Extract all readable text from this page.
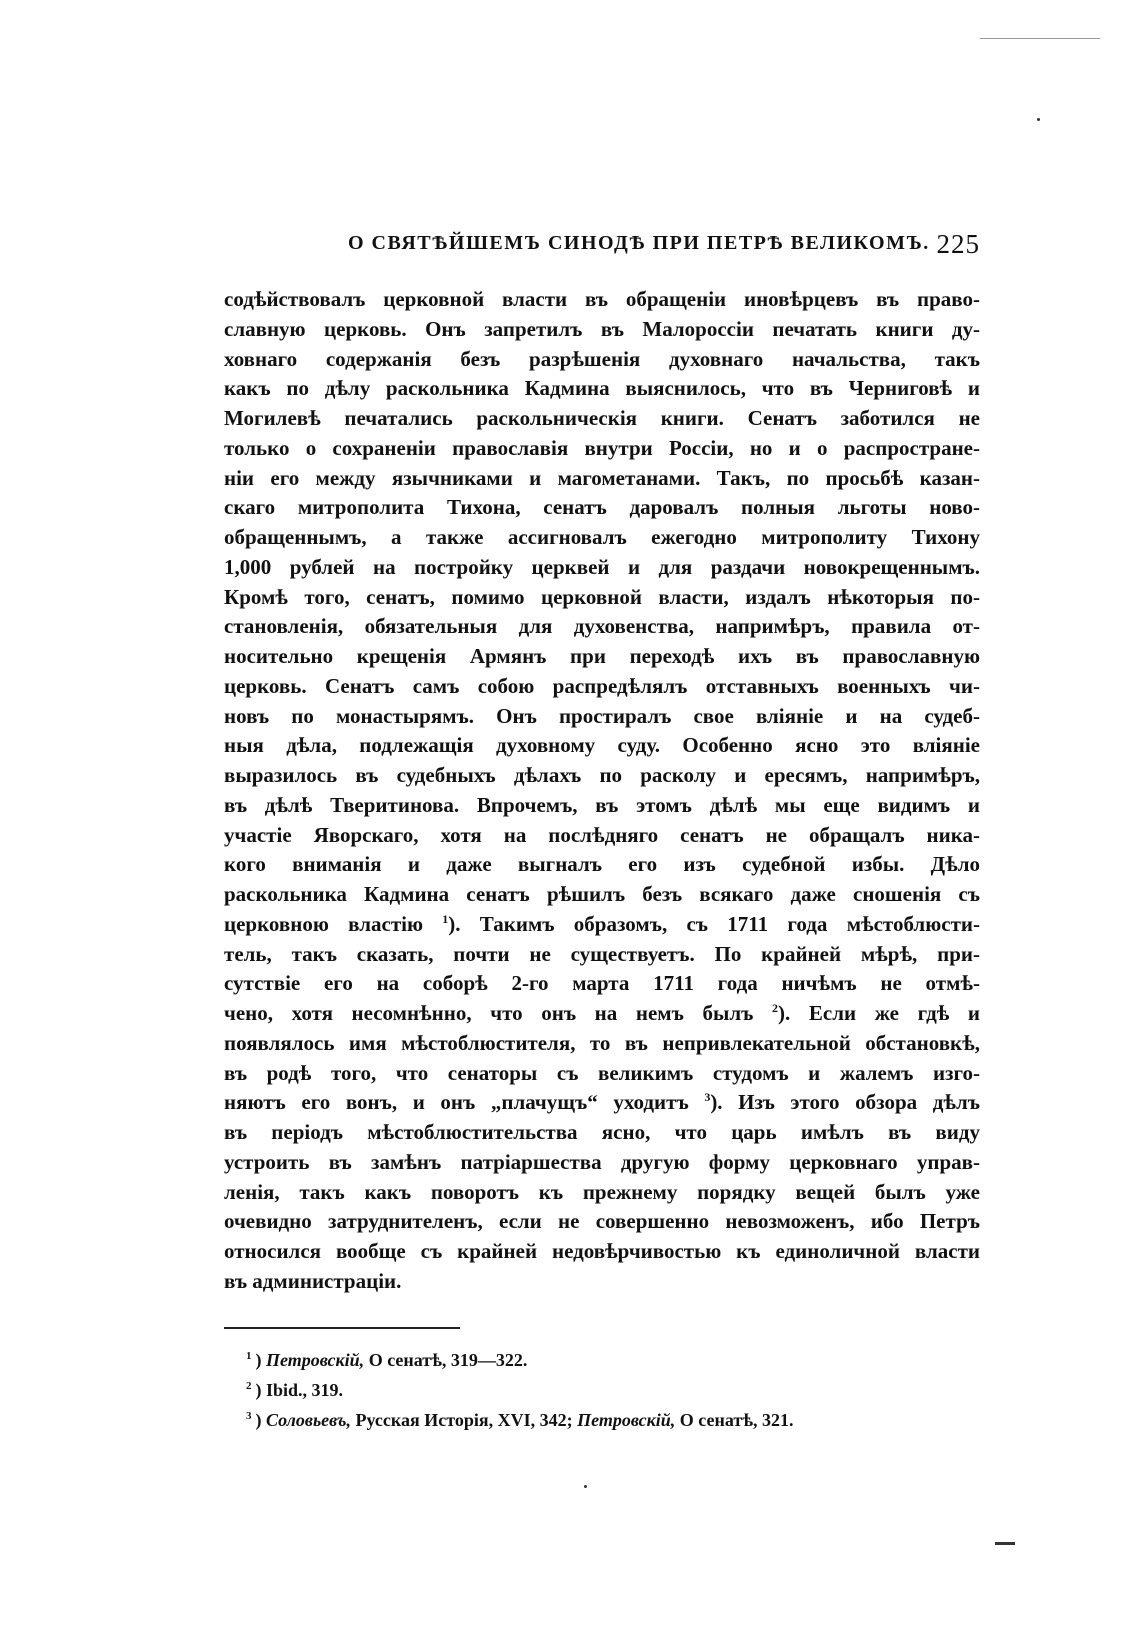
О СВЯТѢЙШЕМЪ СИНОДѢ ПРИ ПЕТРѢ ВЕЛИКОМЪ. 225
содѣйствовалъ церковной власти въ обращеніи иновѣрцевъ въ право-
славную церковь. Онъ запретилъ въ Малороссіи печатать книги ду-
ховнаго содержанія безъ разрѣшенія духовнаго начальства, такъ
какъ по дѣлу раскольника Кадмина выяснилось, что въ Черниговѣ и
Могилевѣ печатались раскольническія книги. Сенатъ заботился не
только о сохраненіи православія внутри Россіи, но и о распростране-
ніи его между язычниками и магометанами. Такъ, по просьбѣ казан-
скаго митрополита Тихона, сенатъ даровалъ полныя льготы ново-
обращеннымъ, а также ассигновалъ ежегодно митрополиту Тихону
1,000 рублей на постройку церквей и для раздачи новокрещеннымъ.
Кромѣ того, сенатъ, помимо церковной власти, издалъ нѣкоторыя по-
становленія, обязательныя для духовенства, напримѣръ, правила от-
носительно крещенія Армянъ при переходѣ ихъ въ православную
церковь. Сенатъ самъ собою распредѣлялъ отставныхъ военныхъ чи-
новъ по монастырямъ. Онъ простиралъ свое вліяніе и на судеб-
ныя дѣла, подлежащія духовному суду. Особенно ясно это вліяніе
выразилось въ судебныхъ дѣлахъ по расколу и ересямъ, напримѣръ,
въ дѣлѣ Тверитинова. Впрочемъ, въ этомъ дѣлѣ мы еще видимъ и
участіе Яворскаго, хотя на послѣдняго сенатъ не обращалъ ника-
кого вниманія и даже выгналъ его изъ судебной избы. Дѣло
раскольника Кадмина сенатъ рѣшилъ безъ всякаго даже сношенія съ
церковною властію $^1$). Такимъ образомъ, съ 1711 года мѣстоблюсти-
тель, такъ сказать, почти не существуетъ. По крайней мѣрѣ, при-
сутствіе его на соборѣ 2-го марта 1711 года ничѣмъ не отмѣ-
чено, хотя несомнѣнно, что онъ на немъ былъ $^2$). Если же гдѣ и
появлялось имя мѣстоблюстителя, то въ непривлекательной обстановкѣ,
въ родѣ того, что сенаторы съ великимъ студомъ и жалемъ изго-
няютъ его вонъ, и онъ „плачущъ“ уходитъ $^3$). Изъ этого обзора дѣлъ
въ періодъ мѣстоблюстительства ясно, что царь имѣлъ въ виду
устроить въ замѣнъ патріаршества другую форму церковнаго управ-
ленія, такъ какъ поворотъ къ прежнему порядку вещей былъ уже
очевидно затруднителенъ, если не совершенно невозможенъ, ибо Петръ
относился вообще съ крайней недовѣрчивостью къ единоличной власти
въ администраціи.
$^1$ ) Петровскій, О сенатѣ, 319—322.
$^2$ ) Ibid., 319.
$^3$ ) Соловьевъ, Русская Исторія, XVI, 342; Петровскій, О сенатѣ, 321.
